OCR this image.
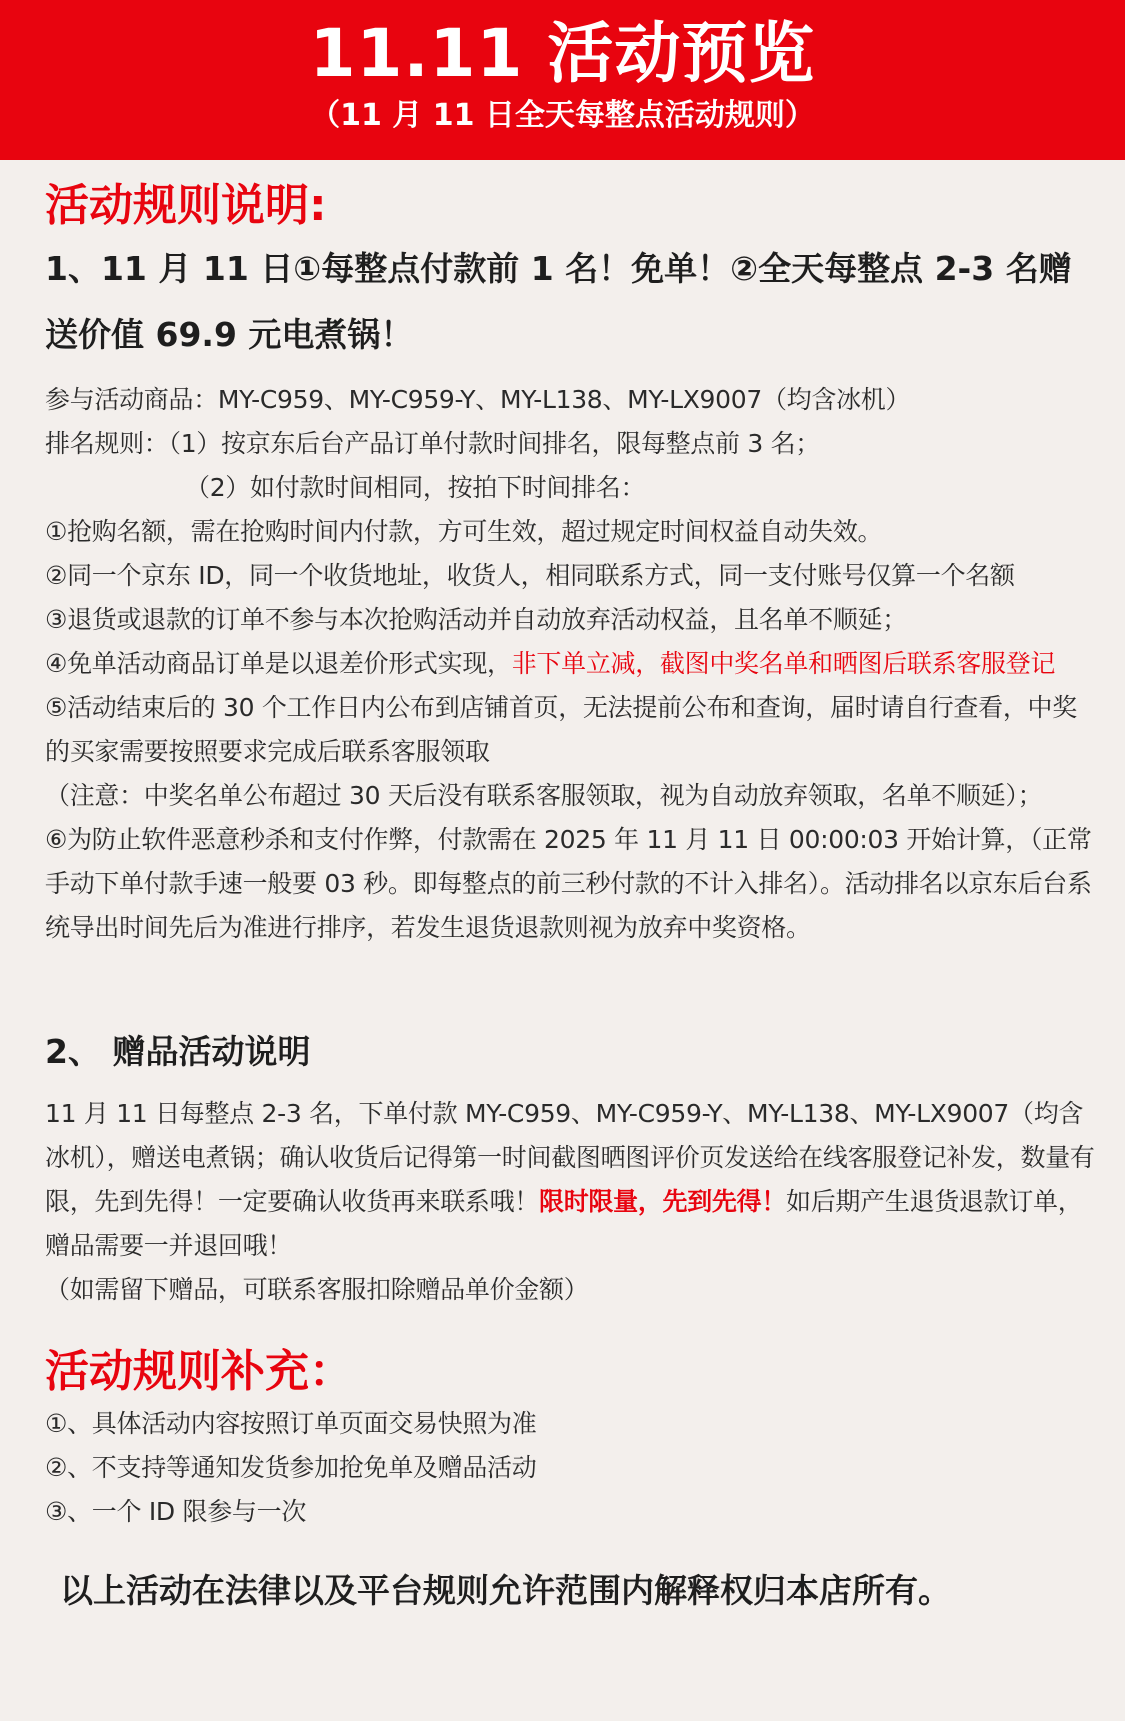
11.11 活动预览
（11 月 11 日全天每整点活动规则）
活动规则说明:
1、11 月 11 日①每整点付款前 1 名！免单！②全天每整点 2-3 名赠送价值 69.9 元电煮锅！
参与活动商品：MY-C959、MY-C959-Y、MY-L138、MY-LX9007（均含冰机）
排名规则：（1）按京东后台产品订单付款时间排名，限每整点前 3 名；
（2）如付款时间相同，按拍下时间排名：
①抢购名额，需在抢购时间内付款，方可生效，超过规定时间权益自动失效。
②同一个京东 ID，同一个收货地址，收货人，相同联系方式，同一支付账号仅算一个名额
③退货或退款的订单不参与本次抢购活动并自动放弃活动权益，且名单不顺延；
④免单活动商品订单是以退差价形式实现，非下单立减，截图中奖名单和晒图后联系客服登记
⑤活动结束后的 30 个工作日内公布到店铺首页，无法提前公布和查询，届时请自行查看，中奖的买家需要按照要求完成后联系客服领取
（注意：中奖名单公布超过 30 天后没有联系客服领取，视为自动放弃领取，名单不顺延）；
⑥为防止软件恶意秒杀和支付作弊，付款需在 2025 年 11 月 11 日 00:00:03 开始计算，（正常手动下单付款手速一般要 03 秒。即每整点的前三秒付款的不计入排名）。活动排名以京东后台系统导出时间先后为准进行排序，若发生退货退款则视为放弃中奖资格。
2、 赠品活动说明
11 月 11 日每整点 2-3 名，下单付款 MY-C959、MY-C959-Y、MY-L138、MY-LX9007（均含冰机），赠送电煮锅；确认收货后记得第一时间截图晒图评价页发送给在线客服登记补发，数量有限，先到先得！一定要确认收货再来联系哦！限时限量，先到先得！如后期产生退货退款订单，赠品需要一并退回哦！
（如需留下赠品，可联系客服扣除赠品单价金额）
活动规则补充：
①、具体活动内容按照订单页面交易快照为准
②、不支持等通知发货参加抢免单及赠品活动
③、一个 ID 限参与一次
以上活动在法律以及平台规则允许范围内解释权归本店所有。
